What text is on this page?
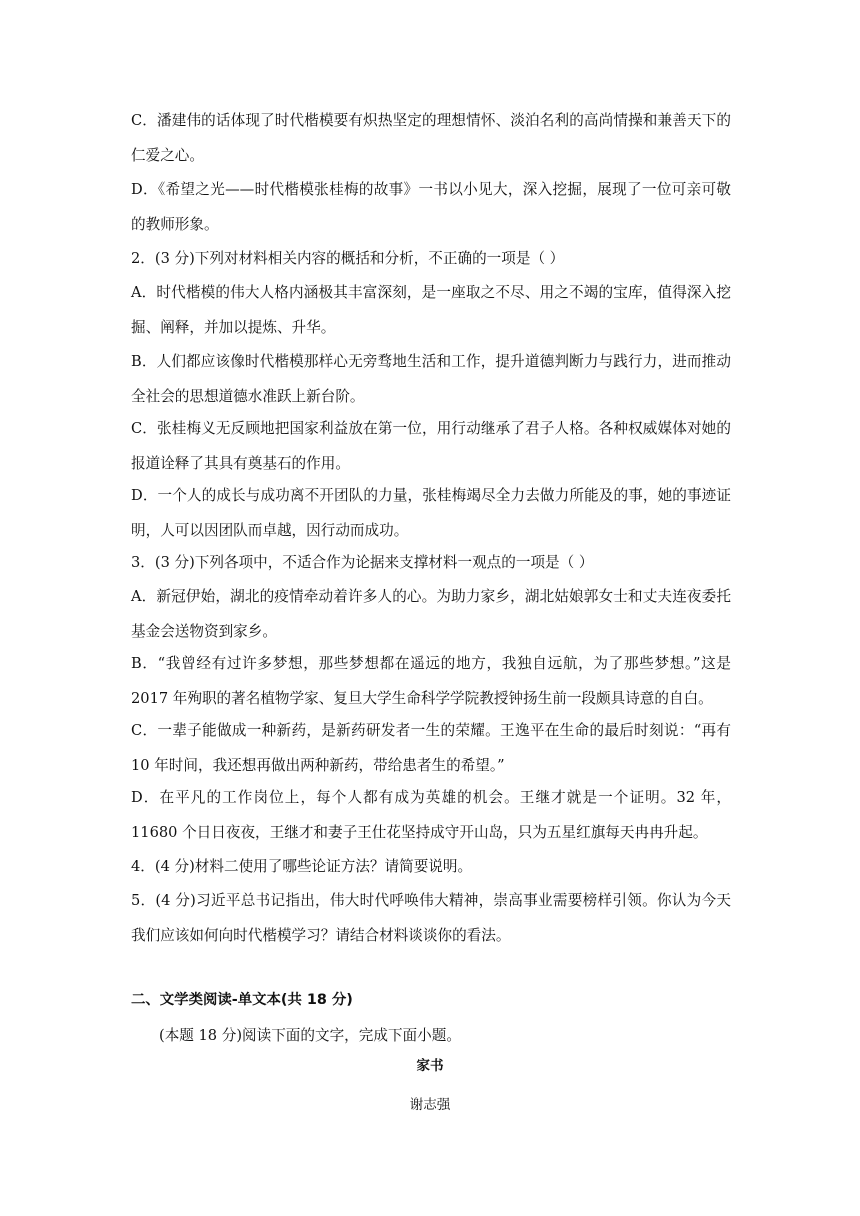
C．潘建伟的话体现了时代楷模要有炽热坚定的理想情怀、淡泊名利的高尚情操和兼善天下的仁爱之心。
D．《希望之光——时代楷模张桂梅的故事》一书以小见大，深入挖掘，展现了一位可亲可敬的教师形象。
2．(3 分)下列对材料相关内容的概括和分析，不正确的一项是（ ）
A．时代楷模的伟大人格内涵极其丰富深刻，是一座取之不尽、用之不竭的宝库，值得深入挖掘、阐释，并加以提炼、升华。
B．人们都应该像时代楷模那样心无旁骛地生活和工作，提升道德判断力与践行力，进而推动全社会的思想道德水准跃上新台阶。
C．张桂梅义无反顾地把国家利益放在第一位，用行动继承了君子人格。各种权威媒体对她的报道诠释了其具有奠基石的作用。
D．一个人的成长与成功离不开团队的力量，张桂梅竭尽全力去做力所能及的事，她的事迹证明，人可以因团队而卓越，因行动而成功。
3．(3 分)下列各项中，不适合作为论据来支撑材料一观点的一项是（ ）
A．新冠伊始，湖北的疫情牵动着许多人的心。为助力家乡，湖北姑娘郭女士和丈夫连夜委托基金会送物资到家乡。
B．“我曾经有过许多梦想，那些梦想都在遥远的地方，我独自远航，为了那些梦想。”这是 2017 年殉职的著名植物学家、复旦大学生命科学学院教授钟扬生前一段颇具诗意的自白。
C．一辈子能做成一种新药，是新药研发者一生的荣耀。王逸平在生命的最后时刻说：“再有 10 年时间，我还想再做出两种新药，带给患者生的希望。”
D．在平凡的工作岗位上，每个人都有成为英雄的机会。王继才就是一个证明。32 年，11680 个日日夜夜，王继才和妻子王仕花坚持成守开山岛，只为五星红旗每天冉冉升起。
4．(4 分)材料二使用了哪些论证方法？请简要说明。
5．(4 分)习近平总书记指出，伟大时代呼唤伟大精神，崇高事业需要榜样引领。你认为今天我们应该如何向时代楷模学习？请结合材料谈谈你的看法。
二、文学类阅读-单文本(共 18 分)
(本题 18 分)阅读下面的文字，完成下面小题。
家书
谢志强
